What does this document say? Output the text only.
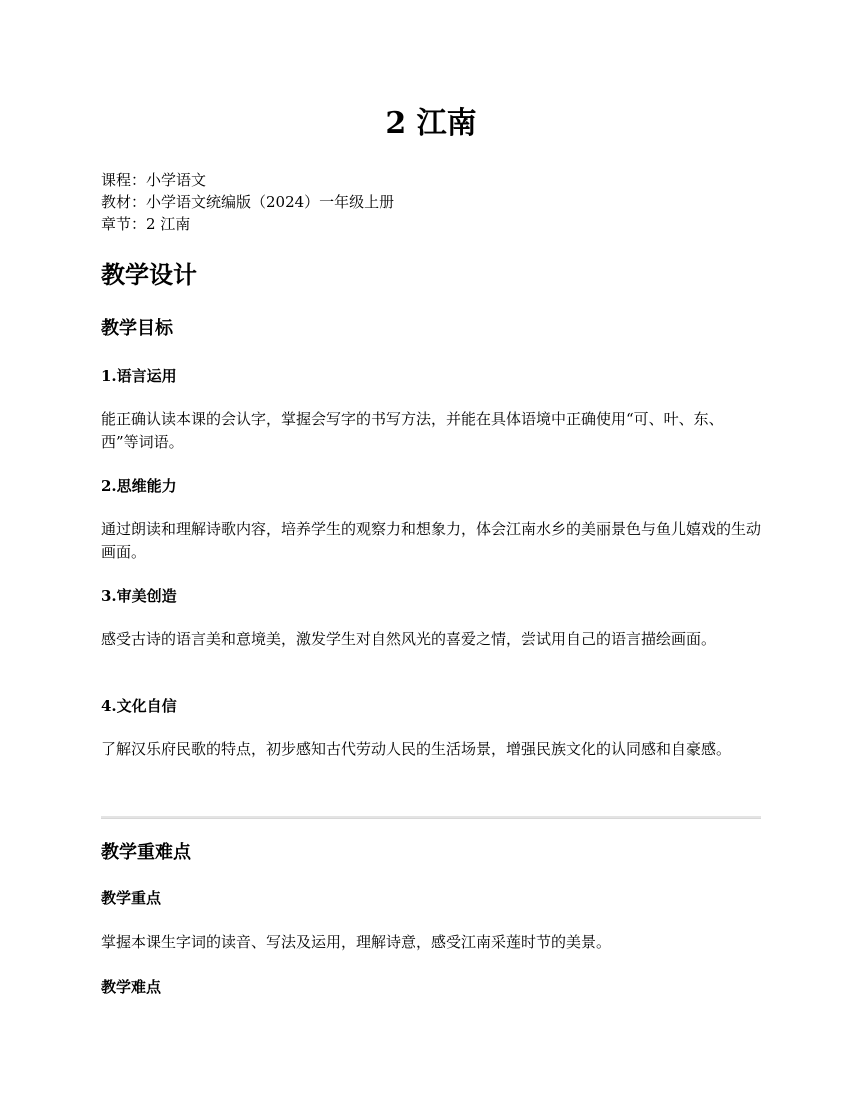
2 江南
课程：小学语文
教材：小学语文统编版（2024）一年级上册
章节：2 江南
教学设计
教学目标
1.语言运用

能正确认读本课的会认字，掌握会写字的书写方法，并能在具体语境中正确使用“可、叶、东、西”等词语。

2.思维能力

通过朗读和理解诗歌内容，培养学生的观察力和想象力，体会江南水乡的美丽景色与鱼儿嬉戏的生动画面。

3.审美创造

感受古诗的语言美和意境美，激发学生对自然风光的喜爱之情，尝试用自己的语言描绘画面。

4.文化自信

了解汉乐府民歌的特点，初步感知古代劳动人民的生活场景，增强民族文化的认同感和自豪感。

教学重难点
教学重点

掌握本课生字词的读音、写法及运用，理解诗意，感受江南采莲时节的美景。

教学难点
